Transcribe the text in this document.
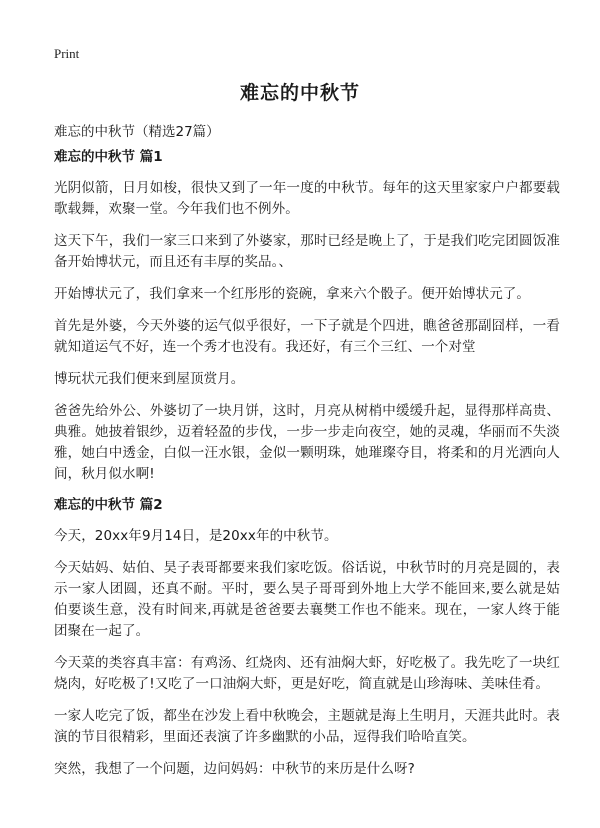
Print
难忘的中秋节
难忘的中秋节（精选27篇）
难忘的中秋节 篇1

光阴似箭，日月如梭，很快又到了一年一度的中秋节。每年的这天里家家户户都要载歌载舞，欢聚一堂。今年我们也不例外。

这天下午，我们一家三口来到了外婆家，那时已经是晚上了，于是我们吃完团圆饭准备开始博状元，而且还有丰厚的奖品。、

开始博状元了，我们拿来一个红彤彤的瓷碗，拿来六个骰子。便开始博状元了。

首先是外婆，今天外婆的运气似乎很好，一下子就是个四进，瞧爸爸那副囧样，一看就知道运气不好，连一个秀才也没有。我还好，有三个三红、一个对堂

博玩状元我们便来到屋顶赏月。

爸爸先给外公、外婆切了一块月饼，这时，月亮从树梢中缓缓升起，显得那样高贵、典雅。她披着银纱，迈着轻盈的步伐，一步一步走向夜空，她的灵魂，华丽而不失淡雅，她白中透金，白似一汪水银，金似一颗明珠，她璀璨夺目，将柔和的月光洒向人间，秋月似水啊!

难忘的中秋节 篇2

今天，20xx年9月14日，是20xx年的中秋节。

今天姑妈、姑伯、昊子表哥都要来我们家吃饭。俗话说，中秋节时的月亮是圆的，表示一家人团圆，还真不耐。平时，要么昊子哥哥到外地上大学不能回来,要么就是姑伯要谈生意，没有时间来,再就是爸爸要去襄樊工作也不能来。现在，一家人终于能团聚在一起了。

今天菜的类容真丰富：有鸡汤、红烧肉、还有油焖大虾，好吃极了。我先吃了一块红烧肉，好吃极了!又吃了一口油焖大虾，更是好吃，简直就是山珍海味、美味佳肴。

一家人吃完了饭，都坐在沙发上看中秋晚会，主题就是海上生明月，天涯共此时。表演的节目很精彩，里面还表演了许多幽默的小品，逗得我们哈哈直笑。

突然，我想了一个问题，边问妈妈：中秋节的来历是什么呀?
